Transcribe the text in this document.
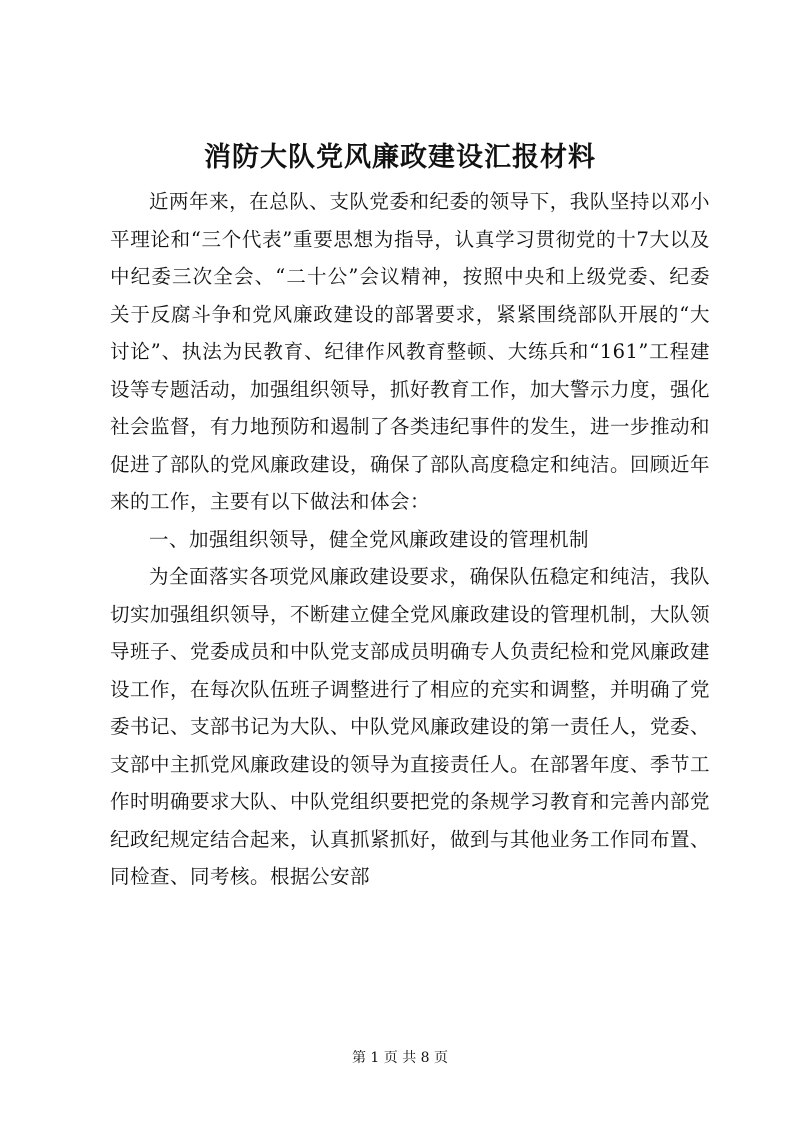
消防大队党风廉政建设汇报材料

近两年来，在总队、支队党委和纪委的领导下，我队坚持以邓小平理论和“三个代表”重要思想为指导，认真学习贯彻党的十7大以及中纪委三次全会、“二十公”会议精神，按照中央和上级党委、纪委关于反腐斗争和党风廉政建设的部署要求，紧紧围绕部队开展的“大讨论”、执法为民教育、纪律作风教育整顿、大练兵和“161”工程建设等专题活动，加强组织领导，抓好教育工作，加大警示力度，强化社会监督，有力地预防和遏制了各类违纪事件的发生，进一步推动和促进了部队的党风廉政建设，确保了部队高度稳定和纯洁。回顾近年来的工作，主要有以下做法和体会：

一、加强组织领导，健全党风廉政建设的管理机制

为全面落实各项党风廉政建设要求，确保队伍稳定和纯洁，我队切实加强组织领导，不断建立健全党风廉政建设的管理机制，大队领导班子、党委成员和中队党支部成员明确专人负责纪检和党风廉政建设工作，在每次队伍班子调整进行了相应的充实和调整，并明确了党委书记、支部书记为大队、中队党风廉政建设的第一责任人，党委、支部中主抓党风廉政建设的领导为直接责任人。在部署年度、季节工作时明确要求大队、中队党组织要把党的条规学习教育和完善内部党纪政纪规定结合起来，认真抓紧抓好，做到与其他业务工作同布置、同检查、同考核。根据公安部

第 1 页 共 8 页
